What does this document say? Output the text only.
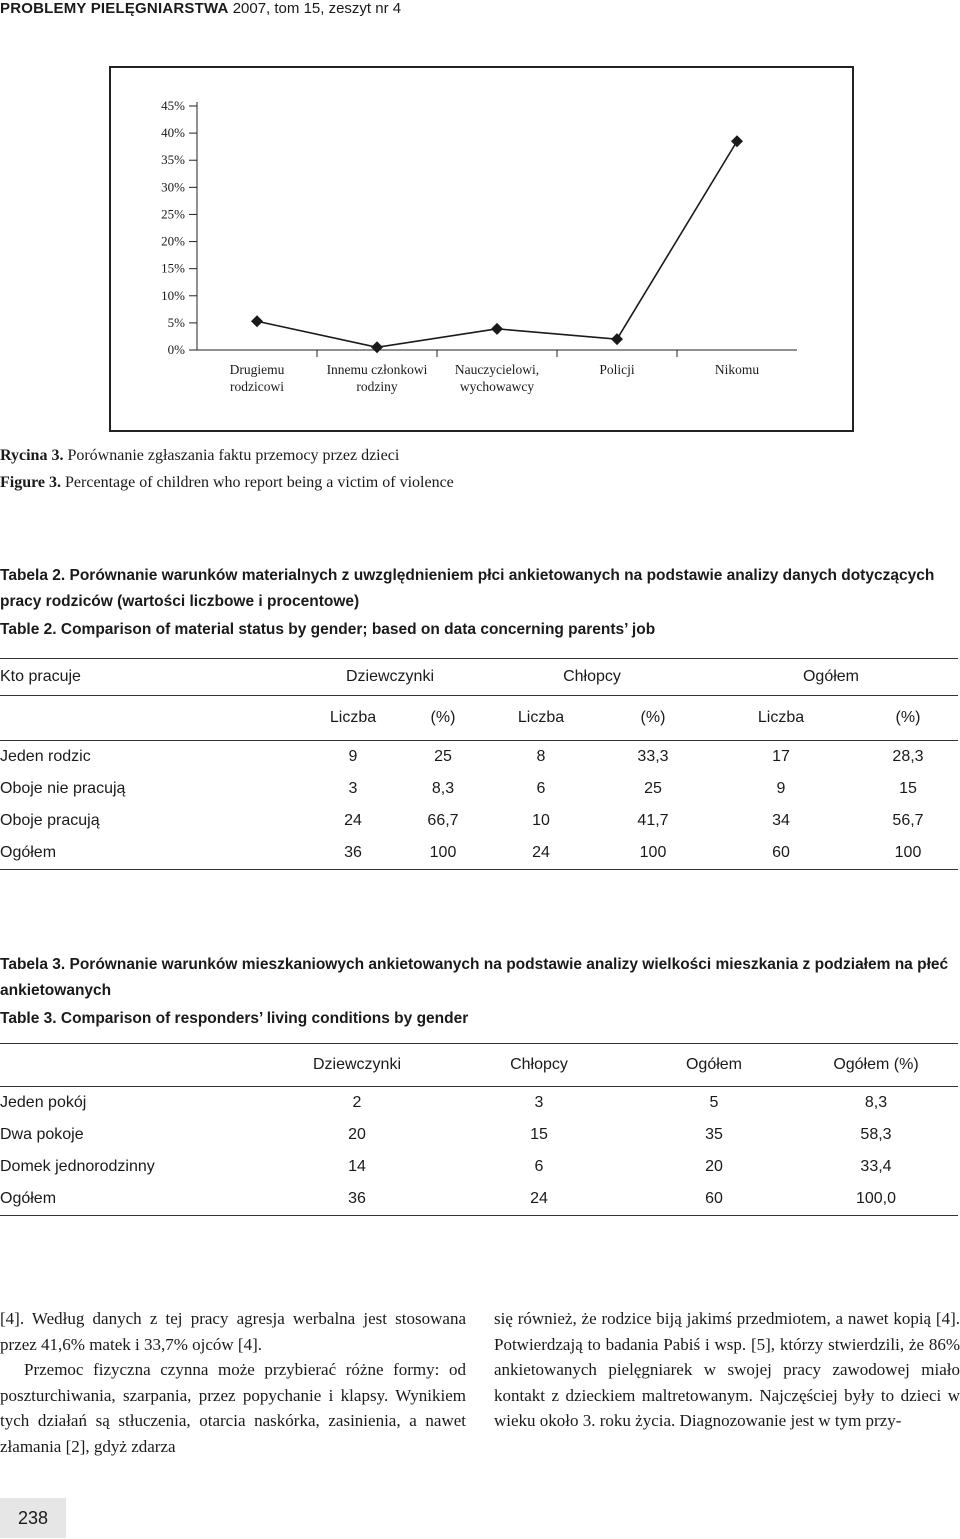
PROBLEMY PIELĘGNIARSTWA 2007, tom 15, zeszyt nr 4
45%
40%
35%
30%
25%
20%
15%
10%
5%
0%
Drugiemu
rodzicowi
Innemu członkowi
rodziny
Nauczycielowi,
wychowawcy
Policji	Nikomu
Rycina 3. Porównanie zgłaszania faktu przemocy przez dzieci
Figure 3. Percentage of children who report being a victim of violence
Tabela 2. Porównanie warunków materialnych z uwzględnieniem płci ankietowanych na podstawie analizy danych dotyczących pracy rodziców (wartości liczbowe i procentowe)
Table 2. Comparison of material status by gender; based on data concerning parents’ job
Kto pracuje	Dziewczynki		Chłopcy		Ogółem	
	Liczba	(%)	Liczba	(%)	Liczba	(%)
Jeden rodzic	9	25	8	33,3	17	28,3
Oboje nie pracują	3	8,3	6	25	9	15
Oboje pracują	24	66,7	10	41,7	34	56,7
Ogółem	36	100	24	100	60	100
Tabela 3. Porównanie warunków mieszkaniowych ankietowanych na podstawie analizy wielkości mieszkania z podziałem na płeć ankietowanych
Table 3. Comparison of responders’ living conditions by gender
	Dziewczynki	Chłopcy	Ogółem	Ogółem (%)
Jeden pokój	2	3	5	8,3
Dwa pokoje	20	15	35	58,3
Domek jednorodzinny	14	6	20	33,4
Ogółem	36	24	60	100,0

[4]. Według danych z tej pracy agresja werbalna jest stosowana przez 41,6% matek i 33,7% ojców [4].

Przemoc fizyczna czynna może przybierać różne formy: od poszturchiwania, szarpania, przez popychanie i klapsy. Wynikiem tych działań są stłuczenia, otarcia naskórka, zasinienia, a nawet złamania [2], gdyż zdarza

się również, że rodzice biją jakimś przedmiotem, a nawet kopią [4]. Potwierdzają to badania Pabiś i wsp. [5], którzy stwierdzili, że 86% ankietowanych pielęgniarek w swojej pracy zawodowej miało kontakt z dzieckiem maltretowanym. Najczęściej były to dzieci w wieku około 3. roku życia. Diagnozowanie jest w tym przy-

238
